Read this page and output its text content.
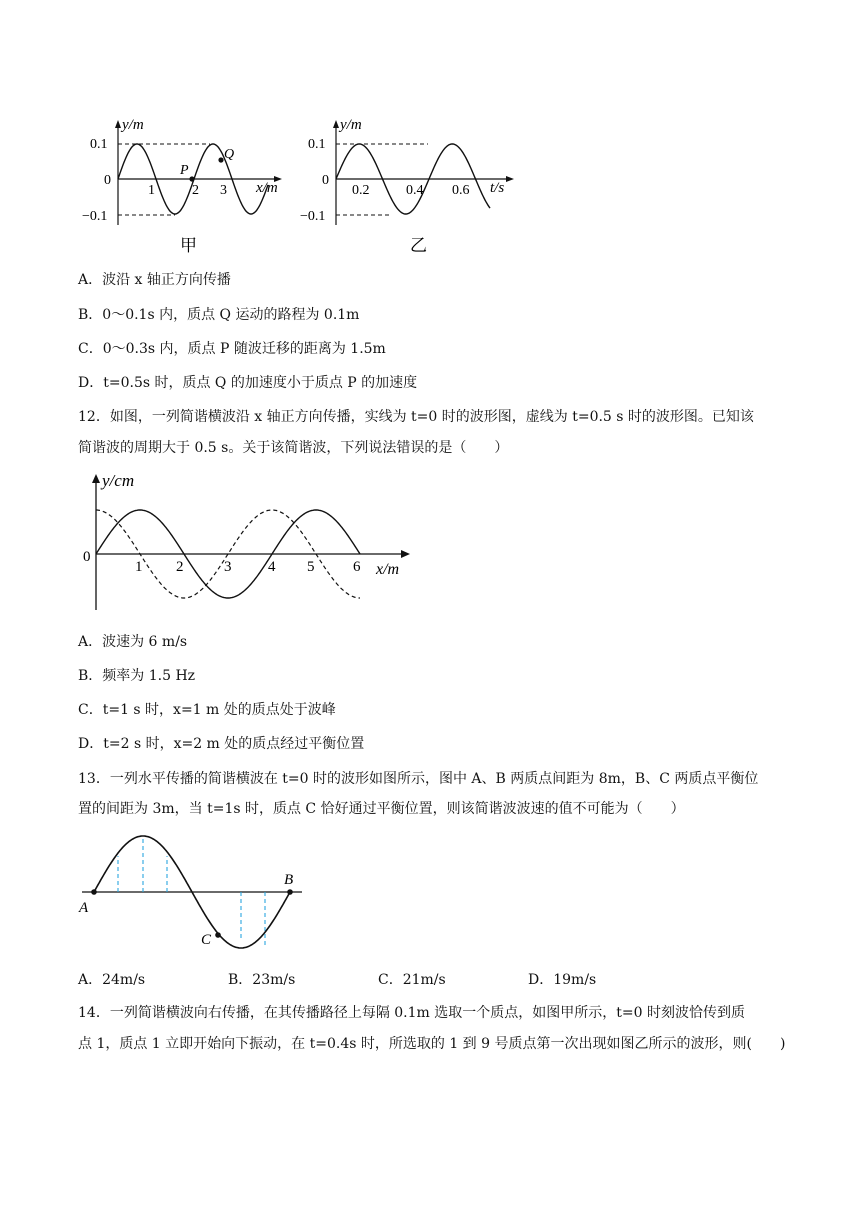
y/m
0.1
0
−0.1
1	2 3
P
Q
x/m
甲
y/m
0.1
0
−0.1
0.2	0.4 0.6 t/s
乙
A．波沿 x 轴正方向传播
B．0～0.1s 内，质点 Q 运动的路程为 0.1m
C．0～0.3s 内，质点 P 随波迁移的距离为 1.5m
D．t=0.5s 时，质点 Q 的加速度小于质点 P 的加速度
12．如图，一列简谐横波沿 x 轴正方向传播，实线为 t=0 时的波形图，虚线为 t=0.5 s 时的波形图。已知该
简谐波的周期大于 0.5 s。关于该简谐波，下列说法错误的是（　　）
y/cm
0
1 2	3 4 5	6 x/m
A．波速为 6 m/s
B．频率为 1.5 Hz
C．t=1 s 时，x=1 m 处的质点处于波峰
D．t=2 s 时，x=2 m 处的质点经过平衡位置
13．一列水平传播的简谐横波在 t=0 时的波形如图所示，图中 A、B 两质点间距为 8m，B、C 两质点平衡位
置的间距为 3m，当 t=1s 时，质点 C 恰好通过平衡位置，则该简谐波波速的值不可能为（　　）
A
B
C
A．24m/s	B．23m/s	C．21m/s	D．19m/s
14．一列简谐横波向右传播，在其传播路径上每隔 0.1m 选取一个质点，如图甲所示，t=0 时刻波恰传到质
点 1，质点 1 立即开始向下振动，在 t=0.4s 时，所选取的 1 到 9 号质点第一次出现如图乙所示的波形，则(　　)
